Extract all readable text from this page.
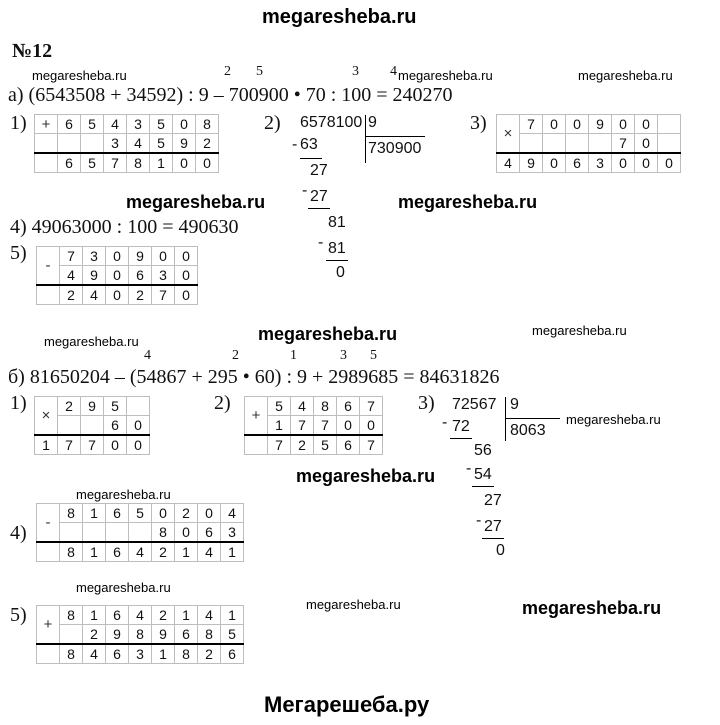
megaresheba.ru
megaresheba.ru	megaresheba.ru	megaresheba.ru
megaresheba.ru	megaresheba.ru
megaresheba.ru	megaresheba.ru	megaresheba.ru
megaresheba.ru
megaresheba.ru
megaresheba.ru
megaresheba.ru
megaresheba.ru	megaresheba.ru
Мегарешеба.ру
№12
2 5	3 4
а) (6543508 + 34592) : 9 – 700900 • 70 : 100 = 240270
1) +	6	5	4	3	5	0	8
			3	4	5	9	2
	6	5	7	8	1	0	0
2) 6578100 9
730900
- 63
27
- 27
81
- 81
0
3) ×	7	0	0	9	0	0	
					7	0	
4	9	0	6	3	0	0	0
4) 49063000 : 100 = 490630
5)
-	7	3	0	9	0	0
	4	9	0	6	3	0
	2	4	0	2	7	0
4	2	1	3 5
б) 81650204 – (54867 + 295 • 60) : 9 + 2989685 = 84631826
1)
×	2	9	5	
			6	0
1	7	7	0	0
2)
+	5	4	8	6	7
	1	7	7	0	0
	7	2	5	6	7
3) 72567 9
8063
- 72
56
- 54
27
- 27
0
4) -	8	1	6	5	0	2	0	4
					8	0	6	3
	8	1	6	4	2	1	4	1
5) +	8	1	6	4	2	1	4	1
		2	9	8	9	6	8	5
	8	4	6	3	1	8	2	6
